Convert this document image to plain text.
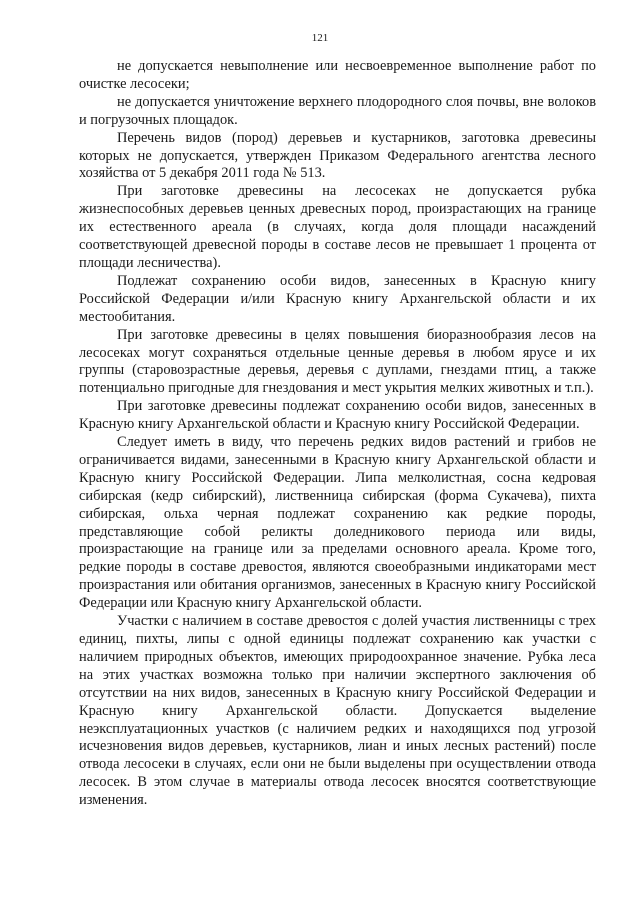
121

не допускается невыполнение или несвоевременное выполнение работ по очистке лесосеки;

не допускается уничтожение верхнего плодородного слоя почвы, вне волоков и погрузочных площадок.

Перечень видов (пород) деревьев и кустарников, заготовка древесины которых не допускается, утвержден Приказом Федерального агентства лесного хозяйства от 5 декабря 2011 года № 513.

При заготовке древесины на лесосеках не допускается рубка жизнеспособных деревьев ценных древесных пород, произрастающих на границе их естественного ареала (в случаях, когда доля площади насаждений соответствующей древесной породы в составе лесов не превышает 1 процента от площади лесничества).

Подлежат сохранению особи видов, занесенных в Красную книгу Российской Федерации и/или Красную книгу Архангельской области и их местообитания.

При заготовке древесины в целях повышения биоразнообразия лесов на лесосеках могут сохраняться отдельные ценные деревья в любом ярусе и их группы (старовозрастные деревья, деревья с дуплами, гнездами птиц, а также потенциально пригодные для гнездования и мест укрытия мелких животных и т.п.).

При заготовке древесины подлежат сохранению особи видов, занесенных в Красную книгу Архангельской области и Красную книгу Российской Федерации.

Следует иметь в виду, что перечень редких видов растений и грибов не ограничивается видами, занесенными в Красную книгу Архангельской области и Красную книгу Российской Федерации. Липа мелколистная, сосна кедровая сибирская (кедр сибирский), лиственница сибирская (форма Сукачева), пихта сибирская, ольха черная подлежат сохранению как редкие породы, представляющие собой реликты доледникового периода или виды, произрастающие на границе или за пределами основного ареала. Кроме того, редкие породы в составе древостоя, являются своеобразными индикаторами мест произрастания или обитания организмов, занесенных в Красную книгу Российской Федерации или Красную книгу Архангельской области.

Участки с наличием в составе древостоя с долей участия лиственницы с трех единиц, пихты, липы с одной единицы подлежат сохранению как участки с наличием природных объектов, имеющих природоохранное значение. Рубка леса на этих участках возможна только при наличии экспертного заключения об отсутствии на них видов, занесенных в Красную книгу Российской Федерации и Красную книгу Архангельской области. Допускается выделение неэксплуатационных участков (с наличием редких и находящихся под угрозой исчезновения видов деревьев, кустарников, лиан и иных лесных растений) после отвода лесосеки в случаях, если они не были выделены при осуществлении отвода лесосек. В этом случае в материалы отвода лесосек вносятся соответствующие изменения.
